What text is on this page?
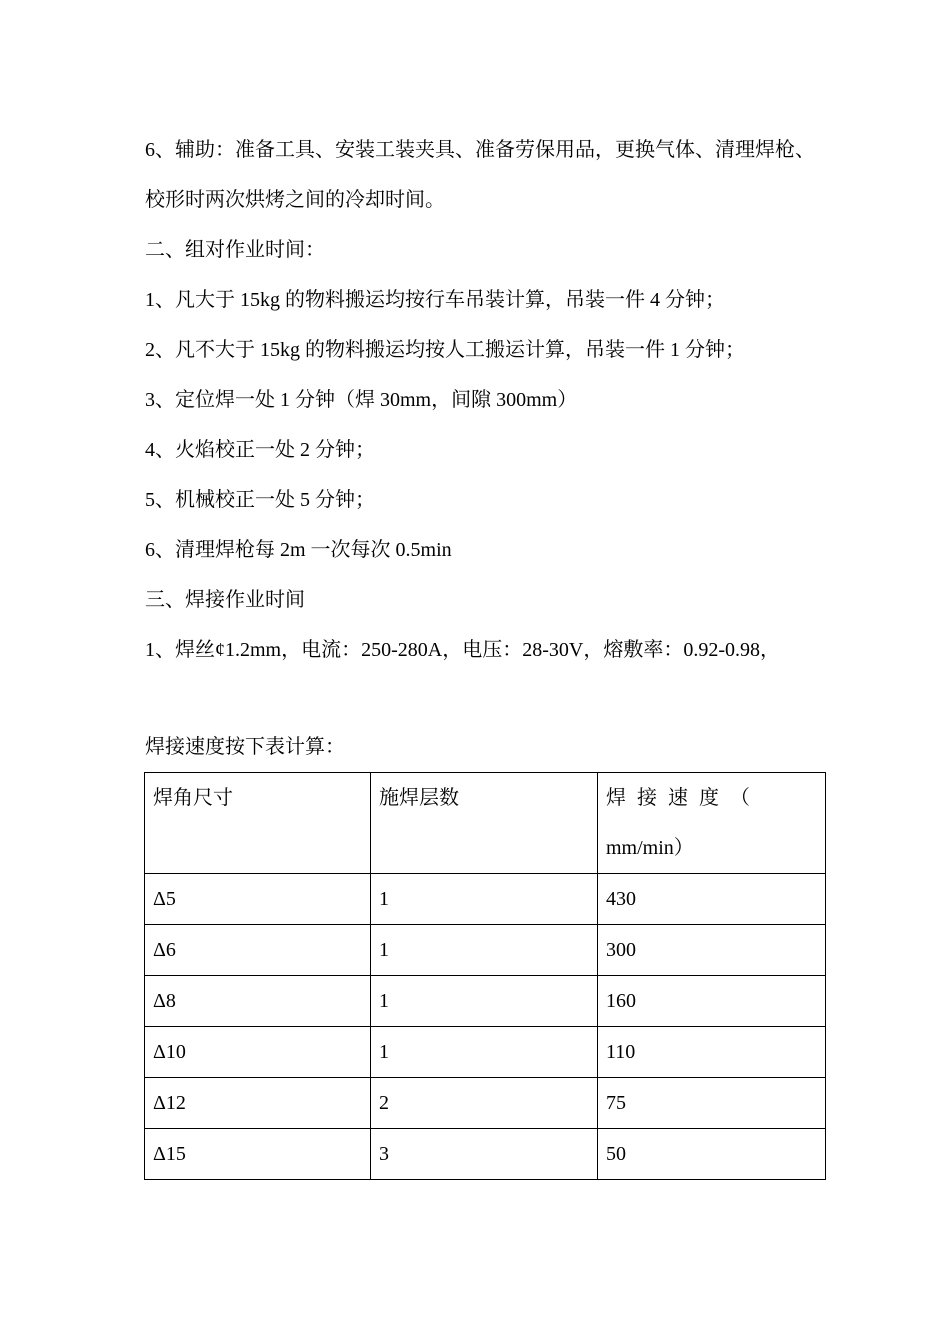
6、辅助：准备工具、安装工装夹具、准备劳保用品，更换气体、清理焊枪、校形时两次烘烤之间的冷却时间。
二、组对作业时间：
1、凡大于 15kg 的物料搬运均按行车吊装计算，吊装一件 4 分钟；
2、凡不大于 15kg 的物料搬运均按人工搬运计算，吊装一件 1 分钟；
3、定位焊一处 1 分钟（焊 30mm，间隙 300mm）
4、火焰校正一处 2 分钟；
5、机械校正一处 5 分钟；
6、清理焊枪每 2m 一次每次 0.5min
三、焊接作业时间
1、焊丝¢1.2mm，电流：250-280A，电压：28-30V，熔敷率：0.92-0.98，
焊接速度按下表计算：
焊角尺寸	施焊层数	焊 接 速 度 （ mm/min）
Δ5	1	430
Δ6	1	300
Δ8	1	160
Δ10	1	110
Δ12	2	75
Δ15	3	50
